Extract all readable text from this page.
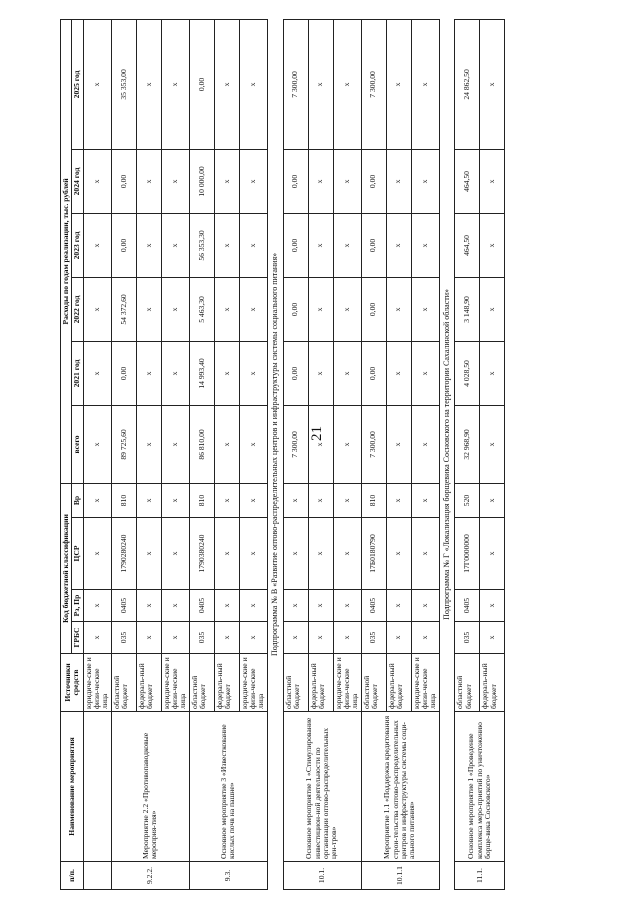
21
п/п.	Наименование мероприятия	Источники средств	Код бюджетной классификации				Расходы по годам реализации, тыс. рублей					
			ГРБС	Рз, Пр	ЦСР	Вр	всего	2021 год	2022 год	2023 год	2024 год	2025 год
		юридиче-ские и физи-ческие лица	x	x	x	x	x	x	x	x	x	x
9.2.2.	Мероприятие 2.2 «Противопаводковые мероприя-тия»	областной бюджет	035	0405	1790280240	810	89 725,60	0,00	54 372,60	0,00	0,00	35 353,00
		федераль-ный бюджет	x	x	x	x	x	x	x	x	x	x
		юридиче-ские и физи-ческие лица	x	x	x	x	x	x	x	x	x	x
9.3.	Основное мероприятие 3 «Известкование кислых почв на пашне»	областной бюджет	035	0405	1790380240	810	86 810,00	14 993,40	5 463,30	56 353,30	10 000,00	0,00
		федераль-ный бюджет	x	x	x	x	x	x	x	x	x	x
		юридиче-ские и физи-ческие лица	x	x	x	x	x	x	x	x	x	x
Подпрограмма № В «Развитие оптово-распределительных центров и инфраструктуры системы социального питания»												
10.1.	Основное мероприятие 1 «Стимулирование инвестицион-ной деятельности по организации оптово-распределительных цен-тров»	областной бюджет	x	x	x	x	7 300,00	0,00	0,00	0,00	0,00	7 300,00
		федераль-ный бюджет	x	x	x	x	x	x	x	x	x	x
		юридиче-ские и физи-ческие лица	x	x	x	x	x	x	x	x	x	x
10.1.1	Мероприятие 1.1 «Поддержка кредитования строи-тельства оптово-распределительных центров и инфраструктуры системы соци-ального питания»	областной бюджет	035	0405	17Б0180790	810	7 300,00	0,00	0,00	0,00	0,00	7 300,00
		федераль-ный бюджет	x	x	x	x	x	x	x	x	x	x
		юридиче-ские и физи-ческие лица	x	x	x	x	x	x	x	x	x	x
Подпрограмма № Г «Локализация борщевика Сосновского на территории Сахалинской области»												
11.1.	Основное мероприятие 1 «Проведение комплекса меро-приятий по уничтожению борще-вика Сосновского»	областной бюджет	035	0405	17Г0000000	520	32 968,90	4 028,50	3 148,90	464,50	464,50	24 862,50
		федераль-ный бюджет	x	x	x	x	x	x	x	x	x	x
